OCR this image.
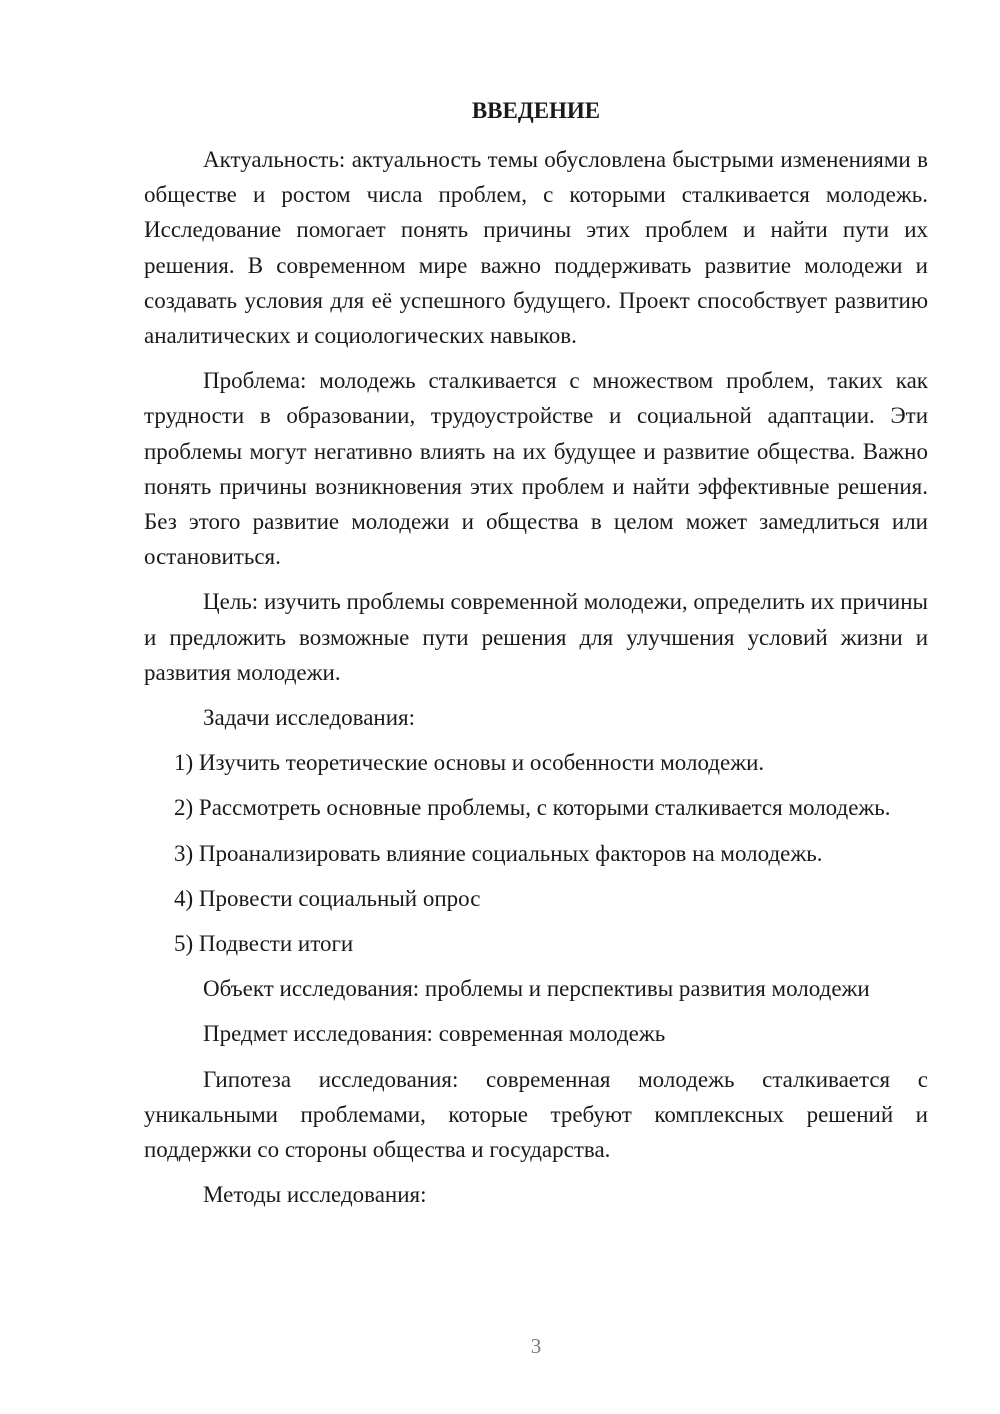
ВВЕДЕНИЕ

Актуальность: актуальность темы обусловлена быстрыми изменениями в обществе и ростом числа проблем, с которыми сталкивается молодежь. Исследование помогает понять причины этих проблем и найти пути их решения. В современном мире важно поддерживать развитие молодежи и создавать условия для её успешного будущего. Проект способствует развитию аналитических и социологических навыков.

Проблема: молодежь сталкивается с множеством проблем, таких как трудности в образовании, трудоустройстве и социальной адаптации. Эти проблемы могут негативно влиять на их будущее и развитие общества. Важно понять причины возникновения этих проблем и найти эффективные решения. Без этого развитие молодежи и общества в целом может замедлиться или остановиться.

Цель: изучить проблемы современной молодежи, определить их причины и предложить возможные пути решения для улучшения условий жизни и развития молодежи.

Задачи исследования:

1) Изучить теоретические основы и особенности молодежи.

2) Рассмотреть основные проблемы, с которыми сталкивается молодежь.

3) Проанализировать влияние социальных факторов на молодежь.

4) Провести социальный опрос

5) Подвести итоги

Объект исследования: проблемы и перспективы развития молодежи

Предмет исследования: современная молодежь

Гипотеза исследования: современная молодежь сталкивается с уникальными проблемами, которые требуют комплексных решений и поддержки со стороны общества и государства.

Методы исследования:

3
